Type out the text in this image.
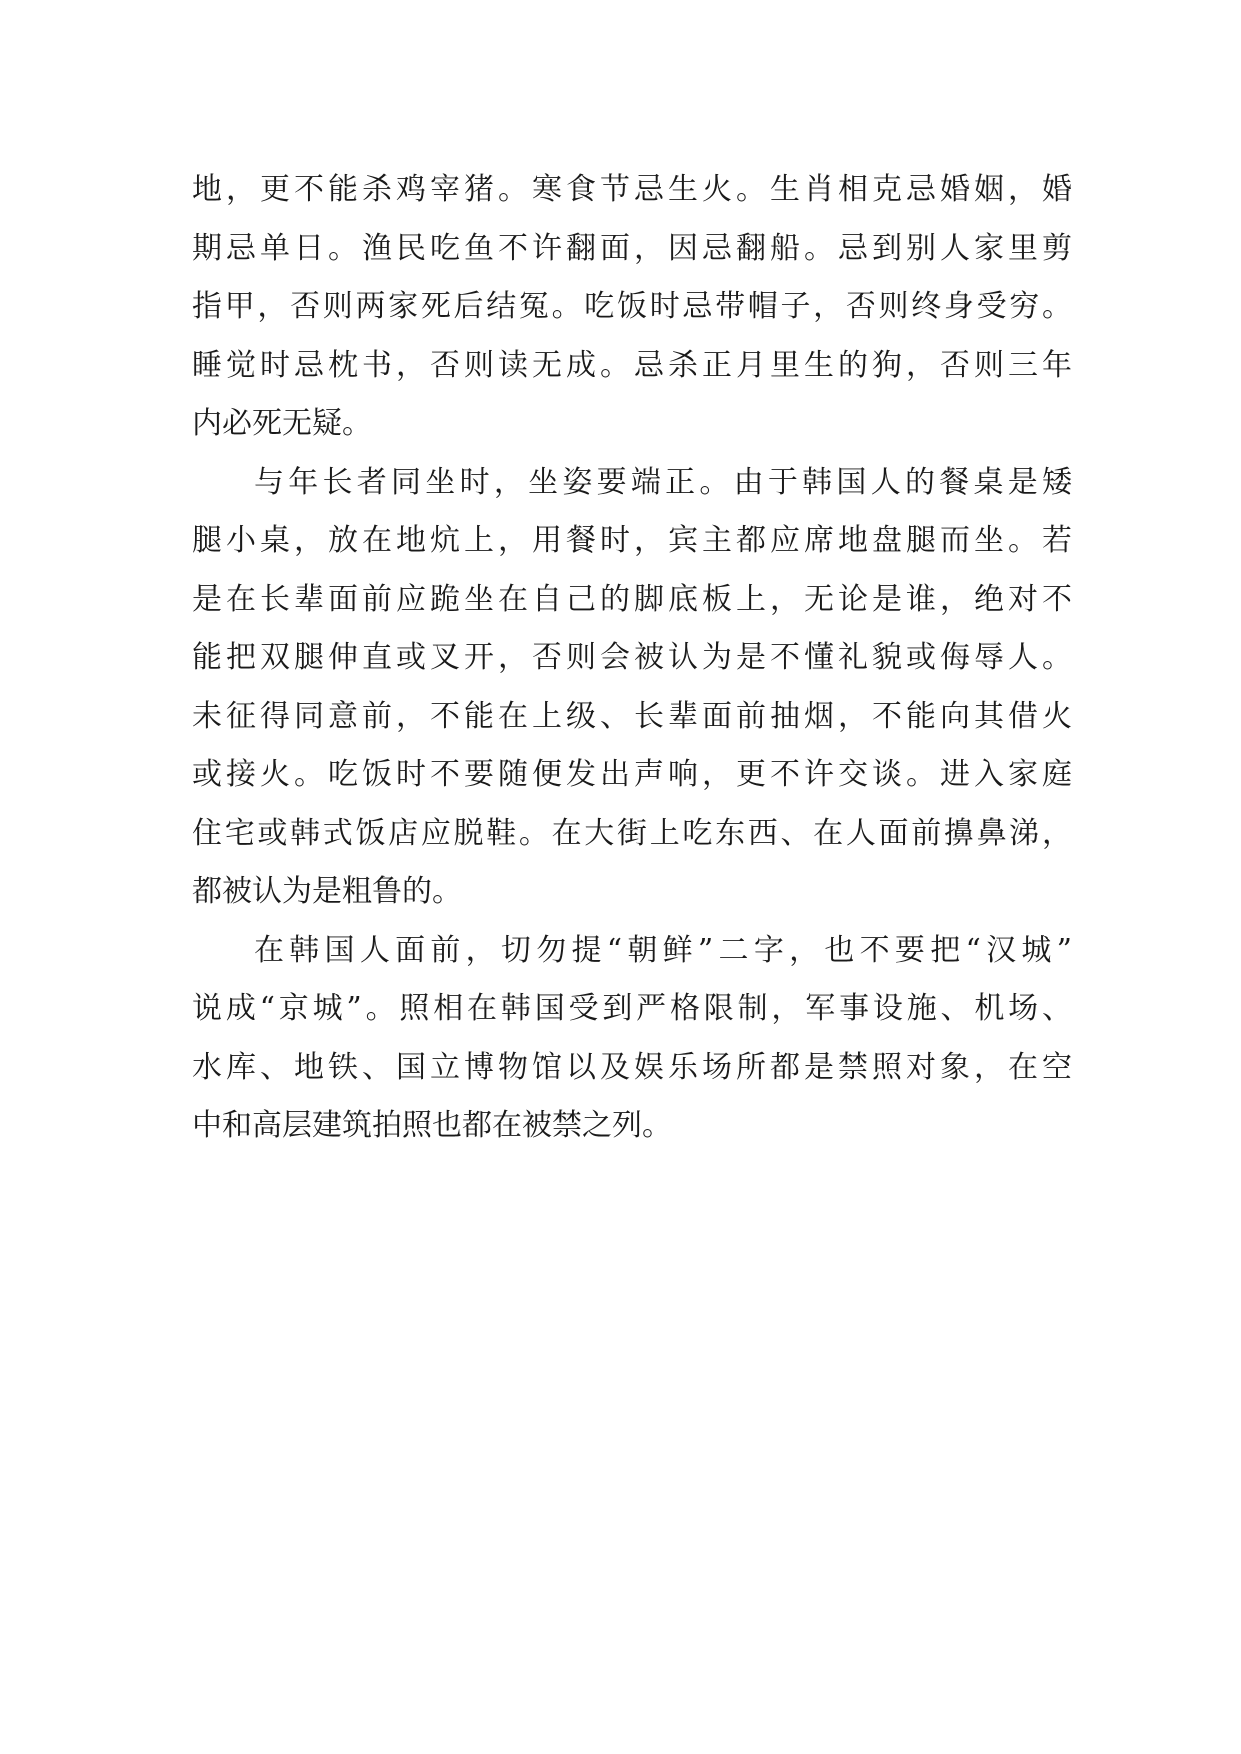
地，更不能杀鸡宰猪。寒食节忌生火。生肖相克忌婚姻，婚
期忌单日。渔民吃鱼不许翻面，因忌翻船。忌到别人家里剪
指甲，否则两家死后结冤。吃饭时忌带帽子，否则终身受穷。
睡觉时忌枕书，否则读无成。忌杀正月里生的狗，否则三年
内必死无疑。
与年长者同坐时，坐姿要端正。由于韩国人的餐桌是矮
腿小桌，放在地炕上，用餐时，宾主都应席地盘腿而坐。若
是在长辈面前应跪坐在自己的脚底板上，无论是谁，绝对不
能把双腿伸直或叉开，否则会被认为是不懂礼貌或侮辱人。
未征得同意前，不能在上级、长辈面前抽烟，不能向其借火
或接火。吃饭时不要随便发出声响，更不许交谈。进入家庭
住宅或韩式饭店应脱鞋。在大街上吃东西、在人面前擤鼻涕，
都被认为是粗鲁的。
在韩国人面前，切勿提“朝鲜”二字，也不要把“汉城”
说成“京城”。照相在韩国受到严格限制，军事设施、机场、
水库、地铁、国立博物馆以及娱乐场所都是禁照对象，在空
中和高层建筑拍照也都在被禁之列。
